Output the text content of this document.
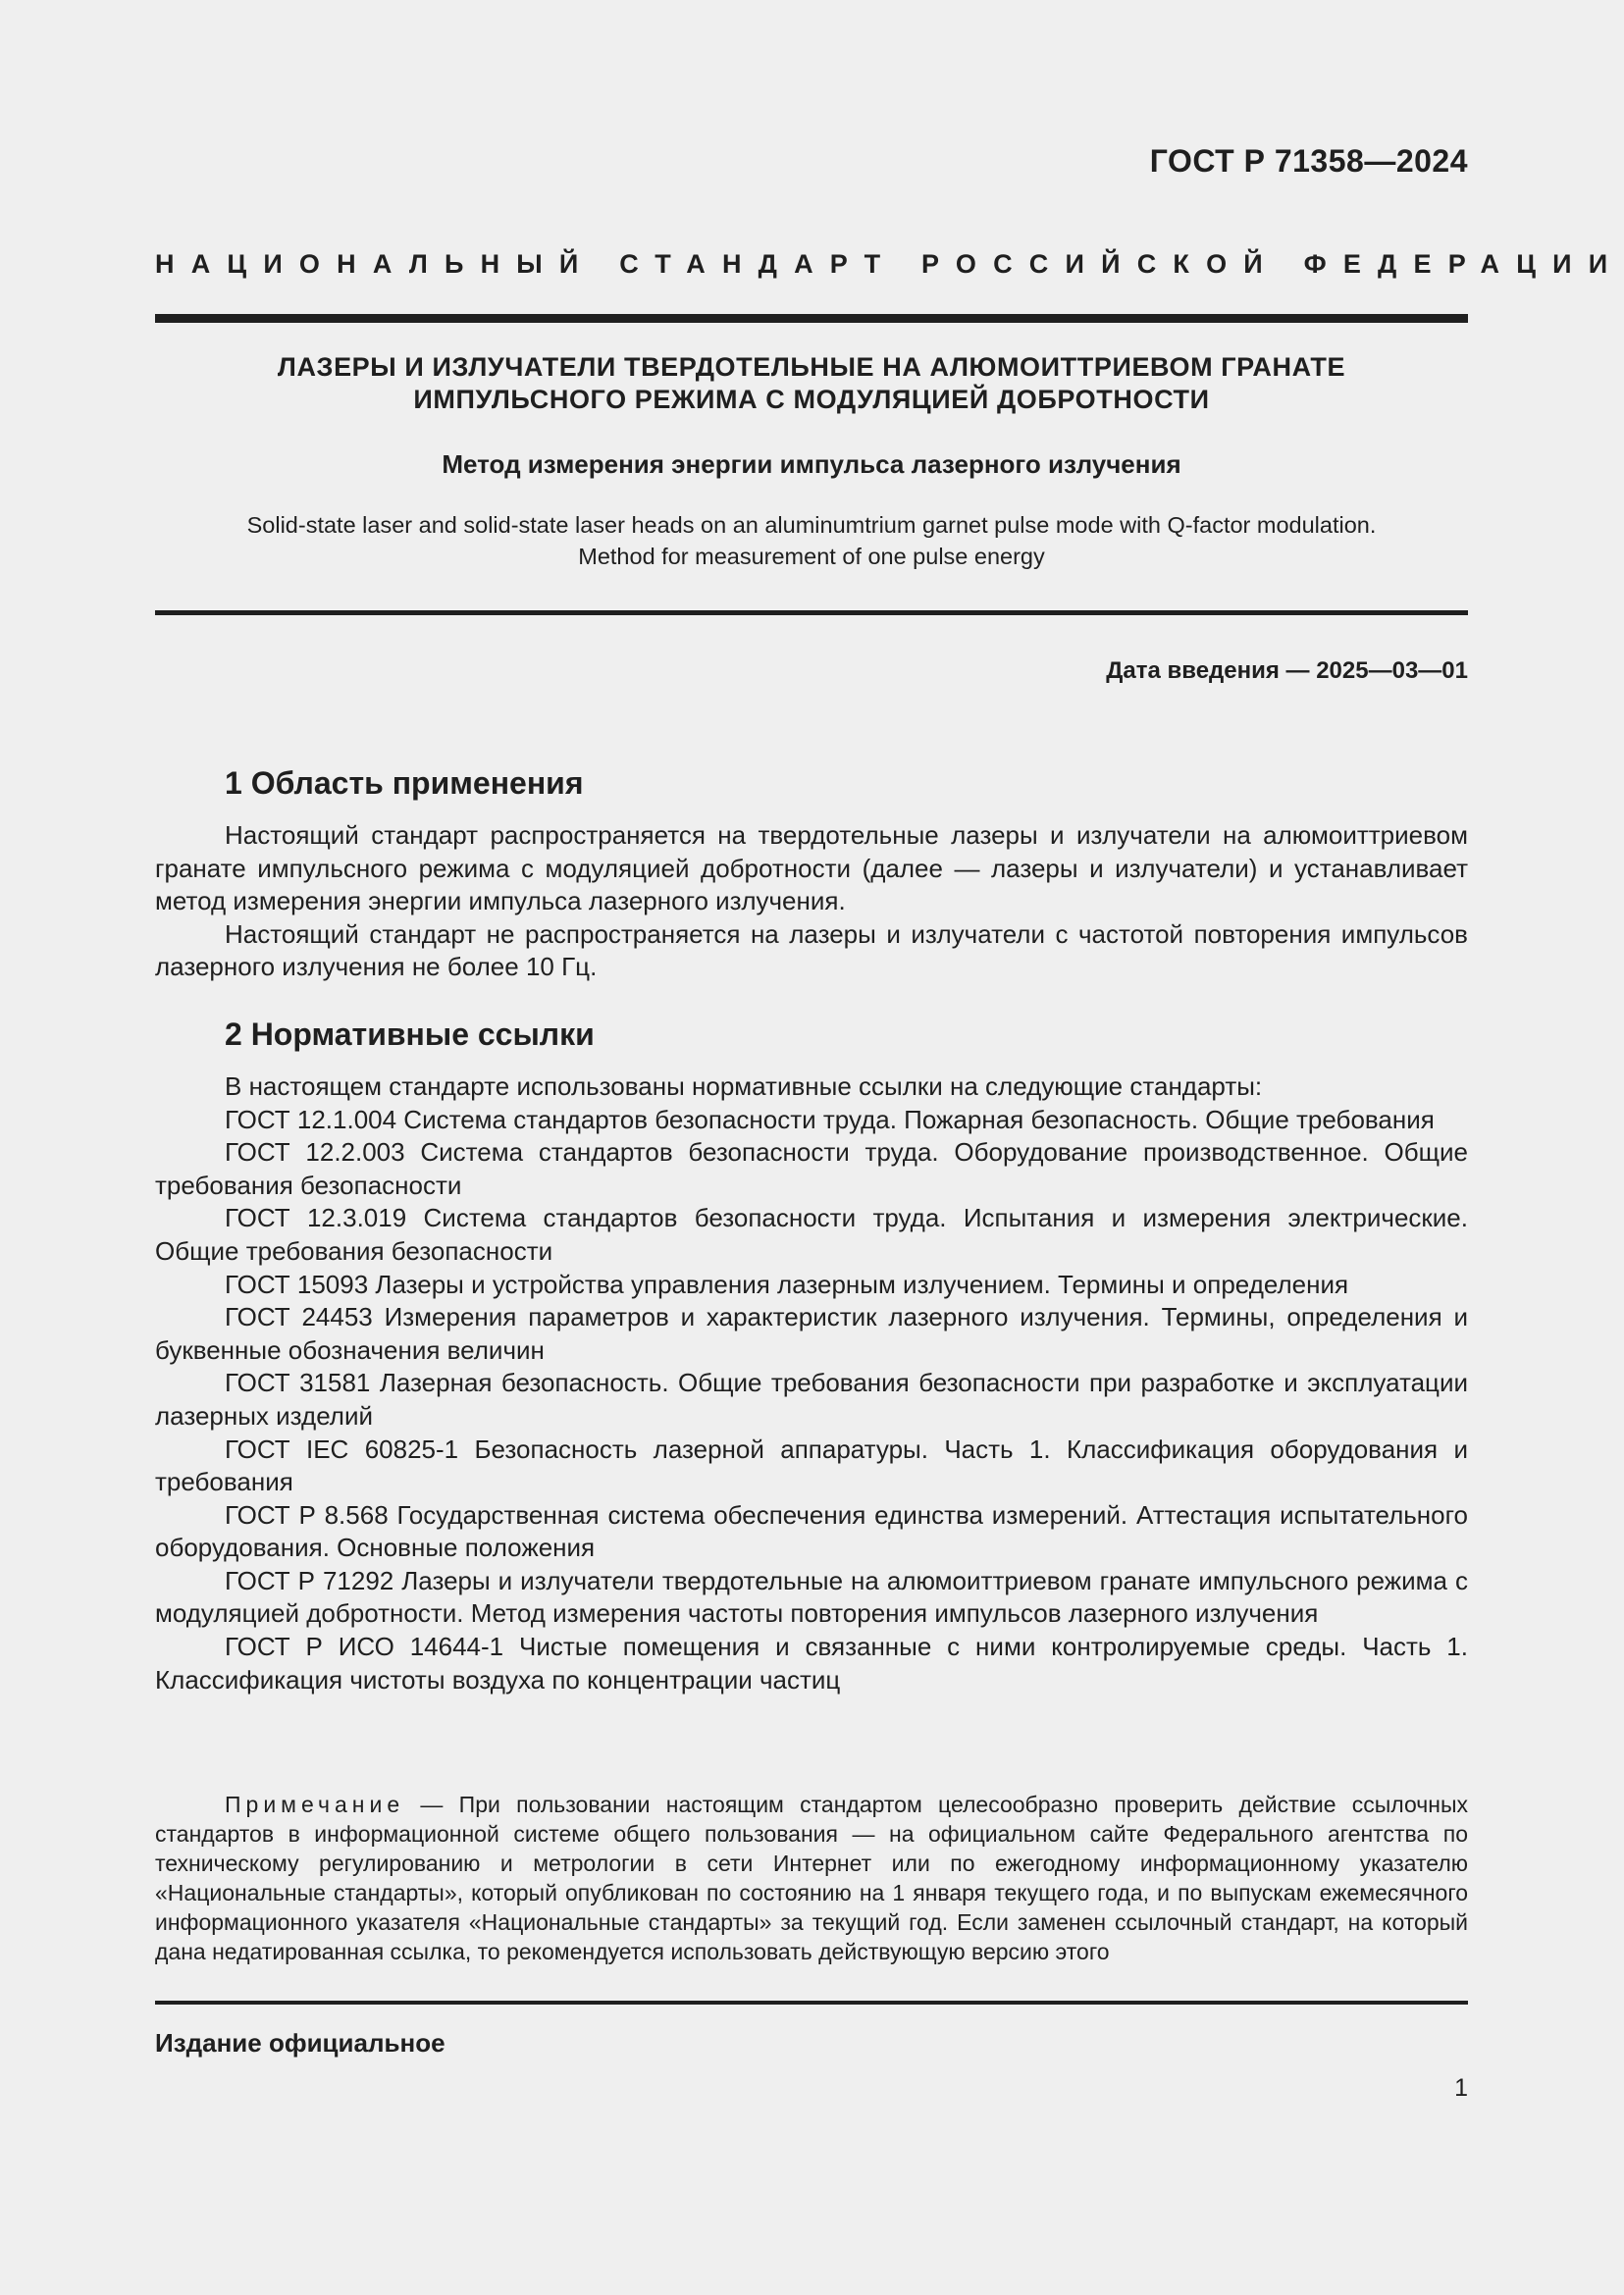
ГОСТ Р 71358—2024
НАЦИОНАЛЬНЫЙ СТАНДАРТ РОССИЙСКОЙ ФЕДЕРАЦИИ
ЛАЗЕРЫ И ИЗЛУЧАТЕЛИ ТВЕРДОТЕЛЬНЫЕ НА АЛЮМОИТТРИЕВОМ ГРАНАТЕ
ИМПУЛЬСНОГО РЕЖИМА С МОДУЛЯЦИЕЙ ДОБРОТНОСТИ
Метод измерения энергии импульса лазерного излучения
Solid-state laser and solid-state laser heads on an aluminumtrium garnet pulse mode with Q-factor modulation.
Method for measurement of one pulse energy
Дата введения — 2025—03—01
1 Область применения

Настоящий стандарт распространяется на твердотельные лазеры и излучатели на алюмоиттриевом гранате импульсного режима с модуляцией добротности (далее — лазеры и излучатели) и устанавливает метод измерения энергии импульса лазерного излучения.

Настоящий стандарт не распространяется на лазеры и излучатели с частотой повторения импульсов лазерного излучения не более 10 Гц.

2 Нормативные ссылки

В настоящем стандарте использованы нормативные ссылки на следующие стандарты:

ГОСТ 12.1.004 Система стандартов безопасности труда. Пожарная безопасность. Общие требования

ГОСТ 12.2.003 Система стандартов безопасности труда. Оборудование производственное. Общие требования безопасности

ГОСТ 12.3.019 Система стандартов безопасности труда. Испытания и измерения электрические. Общие требования безопасности

ГОСТ 15093 Лазеры и устройства управления лазерным излучением. Термины и определения

ГОСТ 24453 Измерения параметров и характеристик лазерного излучения. Термины, определения и буквенные обозначения величин

ГОСТ 31581 Лазерная безопасность. Общие требования безопасности при разработке и эксплуатации лазерных изделий

ГОСТ IEC 60825-1 Безопасность лазерной аппаратуры. Часть 1. Классификация оборудования и требования

ГОСТ Р 8.568 Государственная система обеспечения единства измерений. Аттестация испытательного оборудования. Основные положения

ГОСТ Р 71292 Лазеры и излучатели твердотельные на алюмоиттриевом гранате импульсного режима с модуляцией добротности. Метод измерения частоты повторения импульсов лазерного излучения

ГОСТ Р ИСО 14644-1 Чистые помещения и связанные с ними контролируемые среды. Часть 1. Классификация чистоты воздуха по концентрации частиц

Примечание — При пользовании настоящим стандартом целесообразно проверить действие ссылочных стандартов в информационной системе общего пользования — на официальном сайте Федерального агентства по техническому регулированию и метрологии в сети Интернет или по ежегодному информационному указателю «Национальные стандарты», который опубликован по состоянию на 1 января текущего года, и по выпускам ежемесячного информационного указателя «Национальные стандарты» за текущий год. Если заменен ссылочный стандарт, на который дана недатированная ссылка, то рекомендуется использовать действующую версию этого
Издание официальное
1
